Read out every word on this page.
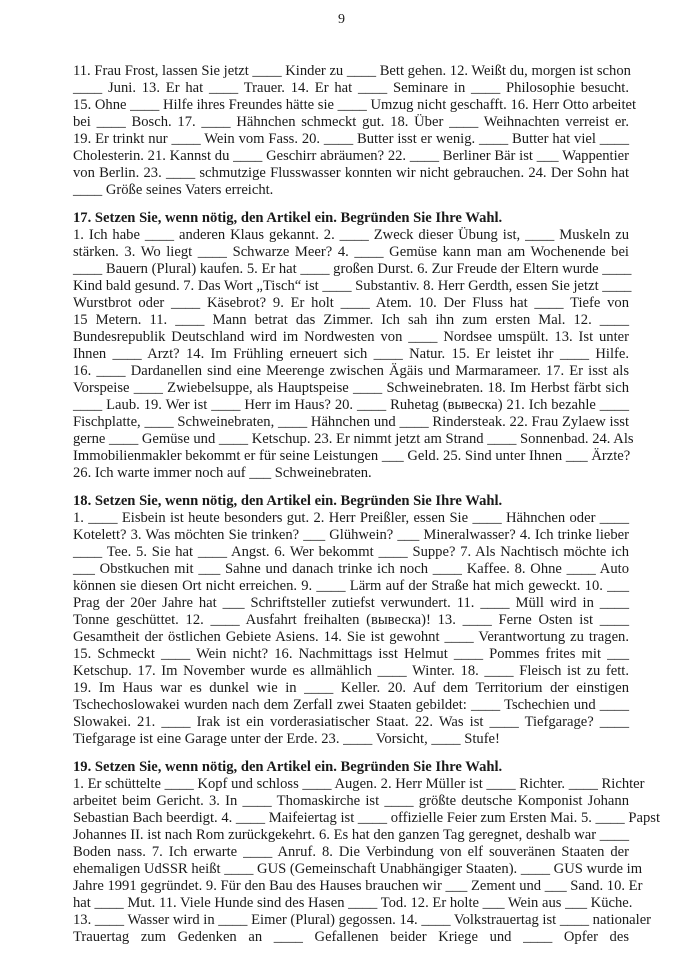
9
11. Frau Frost, lassen Sie jetzt ____ Kinder zu ____ Bett gehen. 12. Weißt du, morgen ist schon
____ Juni. 13. Er hat ____ Trauer. 14. Er hat ____ Seminare in ____ Philosophie besucht.
15. Ohne ____ Hilfe ihres Freundes hätte sie ____ Umzug nicht geschafft. 16. Herr Otto arbeitet
bei ____ Bosch. 17. ____ Hähnchen schmeckt gut. 18. Über ____ Weihnachten verreist er.
19. Er trinkt nur ____ Wein vom Fass. 20. ____ Butter isst er wenig. ____ Butter hat viel ____
Cholesterin. 21. Kannst du ____ Geschirr abräumen? 22. ____ Berliner Bär ist ___ Wappentier
von Berlin. 23. ____ schmutzige Flusswasser konnten wir nicht gebrauchen. 24. Der Sohn hat
____ Größe seines Vaters erreicht.
17. Setzen Sie, wenn nötig, den Artikel ein. Begründen Sie Ihre Wahl.
1. Ich habe ____ anderen Klaus gekannt. 2. ____ Zweck dieser Übung ist, ____ Muskeln zu
stärken. 3. Wo liegt ____ Schwarze Meer? 4. ____ Gemüse kann man am Wochenende bei
____ Bauern (Plural) kaufen. 5. Er hat ____ großen Durst. 6. Zur Freude der Eltern wurde ____
Kind bald gesund. 7. Das Wort „Tisch“ ist ____ Substantiv. 8. Herr Gerdth, essen Sie jetzt ____
Wurstbrot oder ____ Käsebrot? 9. Er holt ____ Atem. 10. Der Fluss hat ____ Tiefe von
15 Metern. 11. ____ Mann betrat das Zimmer. Ich sah ihn zum ersten Mal. 12. ____
Bundesrepublik Deutschland wird im Nordwesten von ____ Nordsee umspült. 13. Ist unter
Ihnen ____ Arzt? 14. Im Frühling erneuert sich ____ Natur. 15. Er leistet ihr ____ Hilfe.
16. ____ Dardanellen sind eine Meerenge zwischen Ägäis und Marmarameer. 17. Er isst als
Vorspeise ____ Zwiebelsuppe, als Hauptspeise ____ Schweinebraten. 18. Im Herbst färbt sich
____ Laub. 19. Wer ist ____ Herr im Haus? 20. ____ Ruhetag (вывеска) 21. Ich bezahle ____
Fischplatte, ____ Schweinebraten, ____ Hähnchen und ____ Rindersteak. 22. Frau Zylaew isst
gerne ____ Gemüse und ____ Ketschup. 23. Er nimmt jetzt am Strand ____ Sonnenbad. 24. Als
Immobilienmakler bekommt er für seine Leistungen ___ Geld. 25. Sind unter Ihnen ___ Ärzte?
26. Ich warte immer noch auf ___ Schweinebraten.
18. Setzen Sie, wenn nötig, den Artikel ein. Begründen Sie Ihre Wahl.
1. ____ Eisbein ist heute besonders gut. 2. Herr Preißler, essen Sie ____ Hähnchen oder ____
Kotelett? 3. Was möchten Sie trinken? ___ Glühwein? ___ Mineralwasser? 4. Ich trinke lieber
____ Tee. 5. Sie hat ____ Angst. 6. Wer bekommt ____ Suppe? 7. Als Nachtisch möchte ich
___ Obstkuchen mit ___ Sahne und danach trinke ich noch ____ Kaffee. 8. Ohne ____ Auto
können sie diesen Ort nicht erreichen. 9. ____ Lärm auf der Straße hat mich geweckt. 10. ___
Prag der 20er Jahre hat ___ Schriftsteller zutiefst verwundert. 11. ____ Müll wird in ____
Tonne geschüttet. 12. ____ Ausfahrt freihalten (вывеска)! 13. ____ Ferne Osten ist ____
Gesamtheit der östlichen Gebiete Asiens. 14. Sie ist gewohnt ____ Verantwortung zu tragen.
15. Schmeckt ____ Wein nicht? 16. Nachmittags isst Helmut ____ Pommes frites mit ___
Ketschup. 17. Im November wurde es allmählich ____ Winter. 18. ____ Fleisch ist zu fett.
19. Im Haus war es dunkel wie in ____ Keller. 20. Auf dem Territorium der einstigen
Tschechoslowakei wurden nach dem Zerfall zwei Staaten gebildet: ____ Tschechien und ____
Slowakei. 21. ____ Irak ist ein vorderasiatischer Staat. 22. Was ist ____ Tiefgarage? ____
Tiefgarage ist eine Garage unter der Erde. 23. ____ Vorsicht, ____ Stufe!
19. Setzen Sie, wenn nötig, den Artikel ein. Begründen Sie Ihre Wahl.
1. Er schüttelte ____ Kopf und schloss ____ Augen. 2. Herr Müller ist ____ Richter. ____ Richter
arbeitet beim Gericht. 3. In ____ Thomaskirche ist ____ größte deutsche Komponist Johann
Sebastian Bach beerdigt. 4. ____ Maifeiertag ist ____ offizielle Feier zum Ersten Mai. 5. ____ Papst
Johannes II. ist nach Rom zurückgekehrt. 6. Es hat den ganzen Tag geregnet, deshalb war ____
Boden nass. 7. Ich erwarte ____ Anruf. 8. Die Verbindung von elf souveränen Staaten der
ehemaligen UdSSR heißt ____ GUS (Gemeinschaft Unabhängiger Staaten). ____ GUS wurde im
Jahre 1991 gegründet. 9. Für den Bau des Hauses brauchen wir ___ Zement und ___ Sand. 10. Er
hat ____ Mut. 11. Viele Hunde sind des Hasen ____ Tod. 12. Er holte ___ Wein aus ___ Küche.
13. ____ Wasser wird in ____ Eimer (Plural) gegossen. 14. ____ Volkstrauertag ist ____ nationaler
Trauertag zum Gedenken an ____ Gefallenen beider Kriege und ____ Opfer des
